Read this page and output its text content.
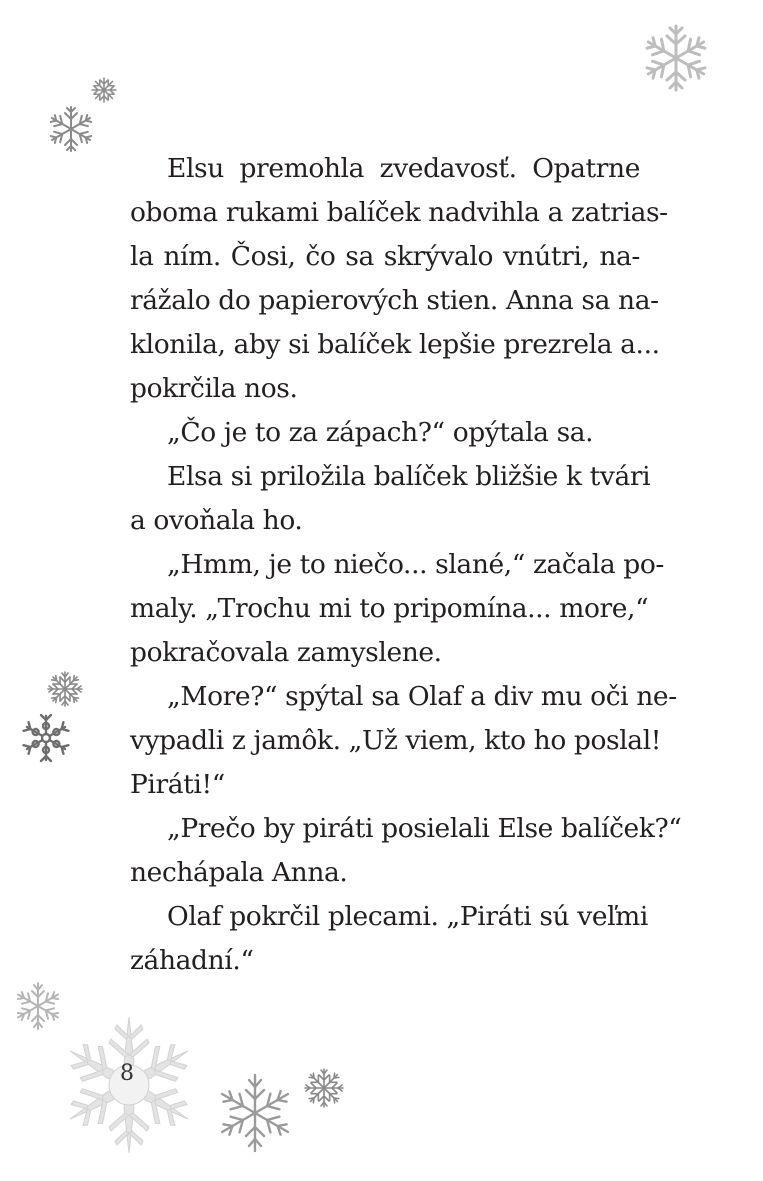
Elsu premohla zvedavosť. Opatrne
oboma rukami balíček nadvihla a zatrias-
la ním. Čosi, čo sa skrývalo vnútri, na-
rážalo do papierových stien. Anna sa na-
klonila, aby si balíček lepšie prezrela a...
pokrčila nos.
„Čo je to za zápach?“ opýtala sa.
Elsa si priložila balíček bližšie k tvári
a ovoňala ho.
„Hmm, je to niečo... slané,“ začala po-
maly. „Trochu mi to pripomína... more,“
pokračovala zamyslene.
„More?“ spýtal sa Olaf a div mu oči ne-
vypadli z jamôk. „Už viem, kto ho poslal!
Piráti!“
„Prečo by piráti posielali Else balíček?“
nechápala Anna.
Olaf pokrčil plecami. „Piráti sú veľmi
záhadní.“
8
